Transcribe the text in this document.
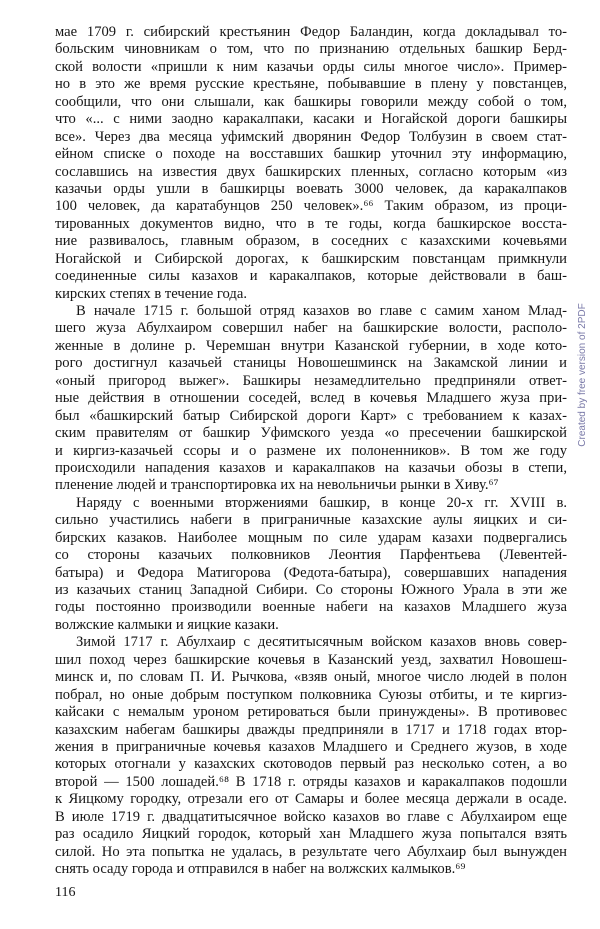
мае 1709 г. сибирский крестьянин Федор Баландин, когда докладывал то-
больским чиновникам о том, что по признанию отдельных башкир Берд-
ской волости «пришли к ним казачьи орды силы многое число». Пример-
но в это же время русские крестьяне, побывавшие в плену у повстанцев,
сообщили, что они слышали, как башкиры говорили между собой о том,
что «... с ними заодно каракалпаки, касаки и Ногайской дороги башкиры
все». Через два месяца уфимский дворянин Федор Толбузин в своем стат-
ейном списке о походе на восставших башкир уточнил эту информацию,
сославшись на известия двух башкирских пленных, согласно которым «из
казачьи орды ушли в башкирцы воевать 3000 человек, да каракалпаков
100 человек, да каратабунцов 250 человек».⁶⁶ Таким образом, из проци-
тированных документов видно, что в те годы, когда башкирское восста-
ние развивалось, главным образом, в соседних с казахскими кочевьями
Ногайской и Сибирской дорогах, к башкирским повстанцам примкнули
соединенные силы казахов и каракалпаков, которые действовали в баш-
кирских степях в течение года.
В начале 1715 г. большой отряд казахов во главе с самим ханом Млад-
шего жуза Абулхаиром совершил набег на башкирские волости, располо-
женные в долине р. Черемшан внутри Казанской губернии, в ходе кото-
рого достигнул казачьей станицы Новошешминск на Закамской линии и
«оный пригород выжег». Башкиры незамедлительно предприняли ответ-
ные действия в отношении соседей, вслед в кочевья Младшего жуза при-
был «башкирский батыр Сибирской дороги Карт» с требованием к казах-
ским правителям от башкир Уфимского уезда «о пресечении башкирской
и киргиз-казачьей ссоры и о размене их полоненников». В том же году
происходили нападения казахов и каракалпаков на казачьи обозы в степи,
пленение людей и транспортировка их на невольничьи рынки в Хиву.⁶⁷
Наряду с военными вторжениями башкир, в конце 20-х гг. XVIII в.
сильно участились набеги в приграничные казахские аулы яицких и си-
бирских казаков. Наиболее мощным по силе ударам казахи подвергались
со стороны казачьих полковников Леонтия Парфентьева (Левентей-
батыра) и Федора Матигорова (Федота-батыра), совершавших нападения
из казачьих станиц Западной Сибири. Со стороны Южного Урала в эти же
годы постоянно производили военные набеги на казахов Младшего жуза
волжские калмыки и яицкие казаки.
Зимой 1717 г. Абулхаир с десятитысячным войском казахов вновь совер-
шил поход через башкирские кочевья в Казанский уезд, захватил Новошеш-
минск и, по словам П. И. Рычкова, «взяв оный, многое число людей в полон
побрал, но оные добрым поступком полковника Суюзы отбиты, и те киргиз-
кайсаки с немалым уроном ретироваться были принуждены». В противовес
казахским набегам башкиры дважды предприняли в 1717 и 1718 годах втор-
жения в приграничные кочевья казахов Младшего и Среднего жузов, в ходе
которых отогнали у казахских скотоводов первый раз несколько сотен, а во
второй — 1500 лошадей.⁶⁸ В 1718 г. отряды казахов и каракалпаков подошли
к Яицкому городку, отрезали его от Самары и более месяца держали в осаде.
В июле 1719 г. двадцатитысячное войско казахов во главе с Абулхаиром еще
раз осадило Яицкий городок, который хан Младшего жуза попытался взять
силой. Но эта попытка не удалась, в результате чего Абулхаир был вынужден
снять осаду города и отправился в набег на волжских калмыков.⁶⁹
116
Created by free version of 2PDF
